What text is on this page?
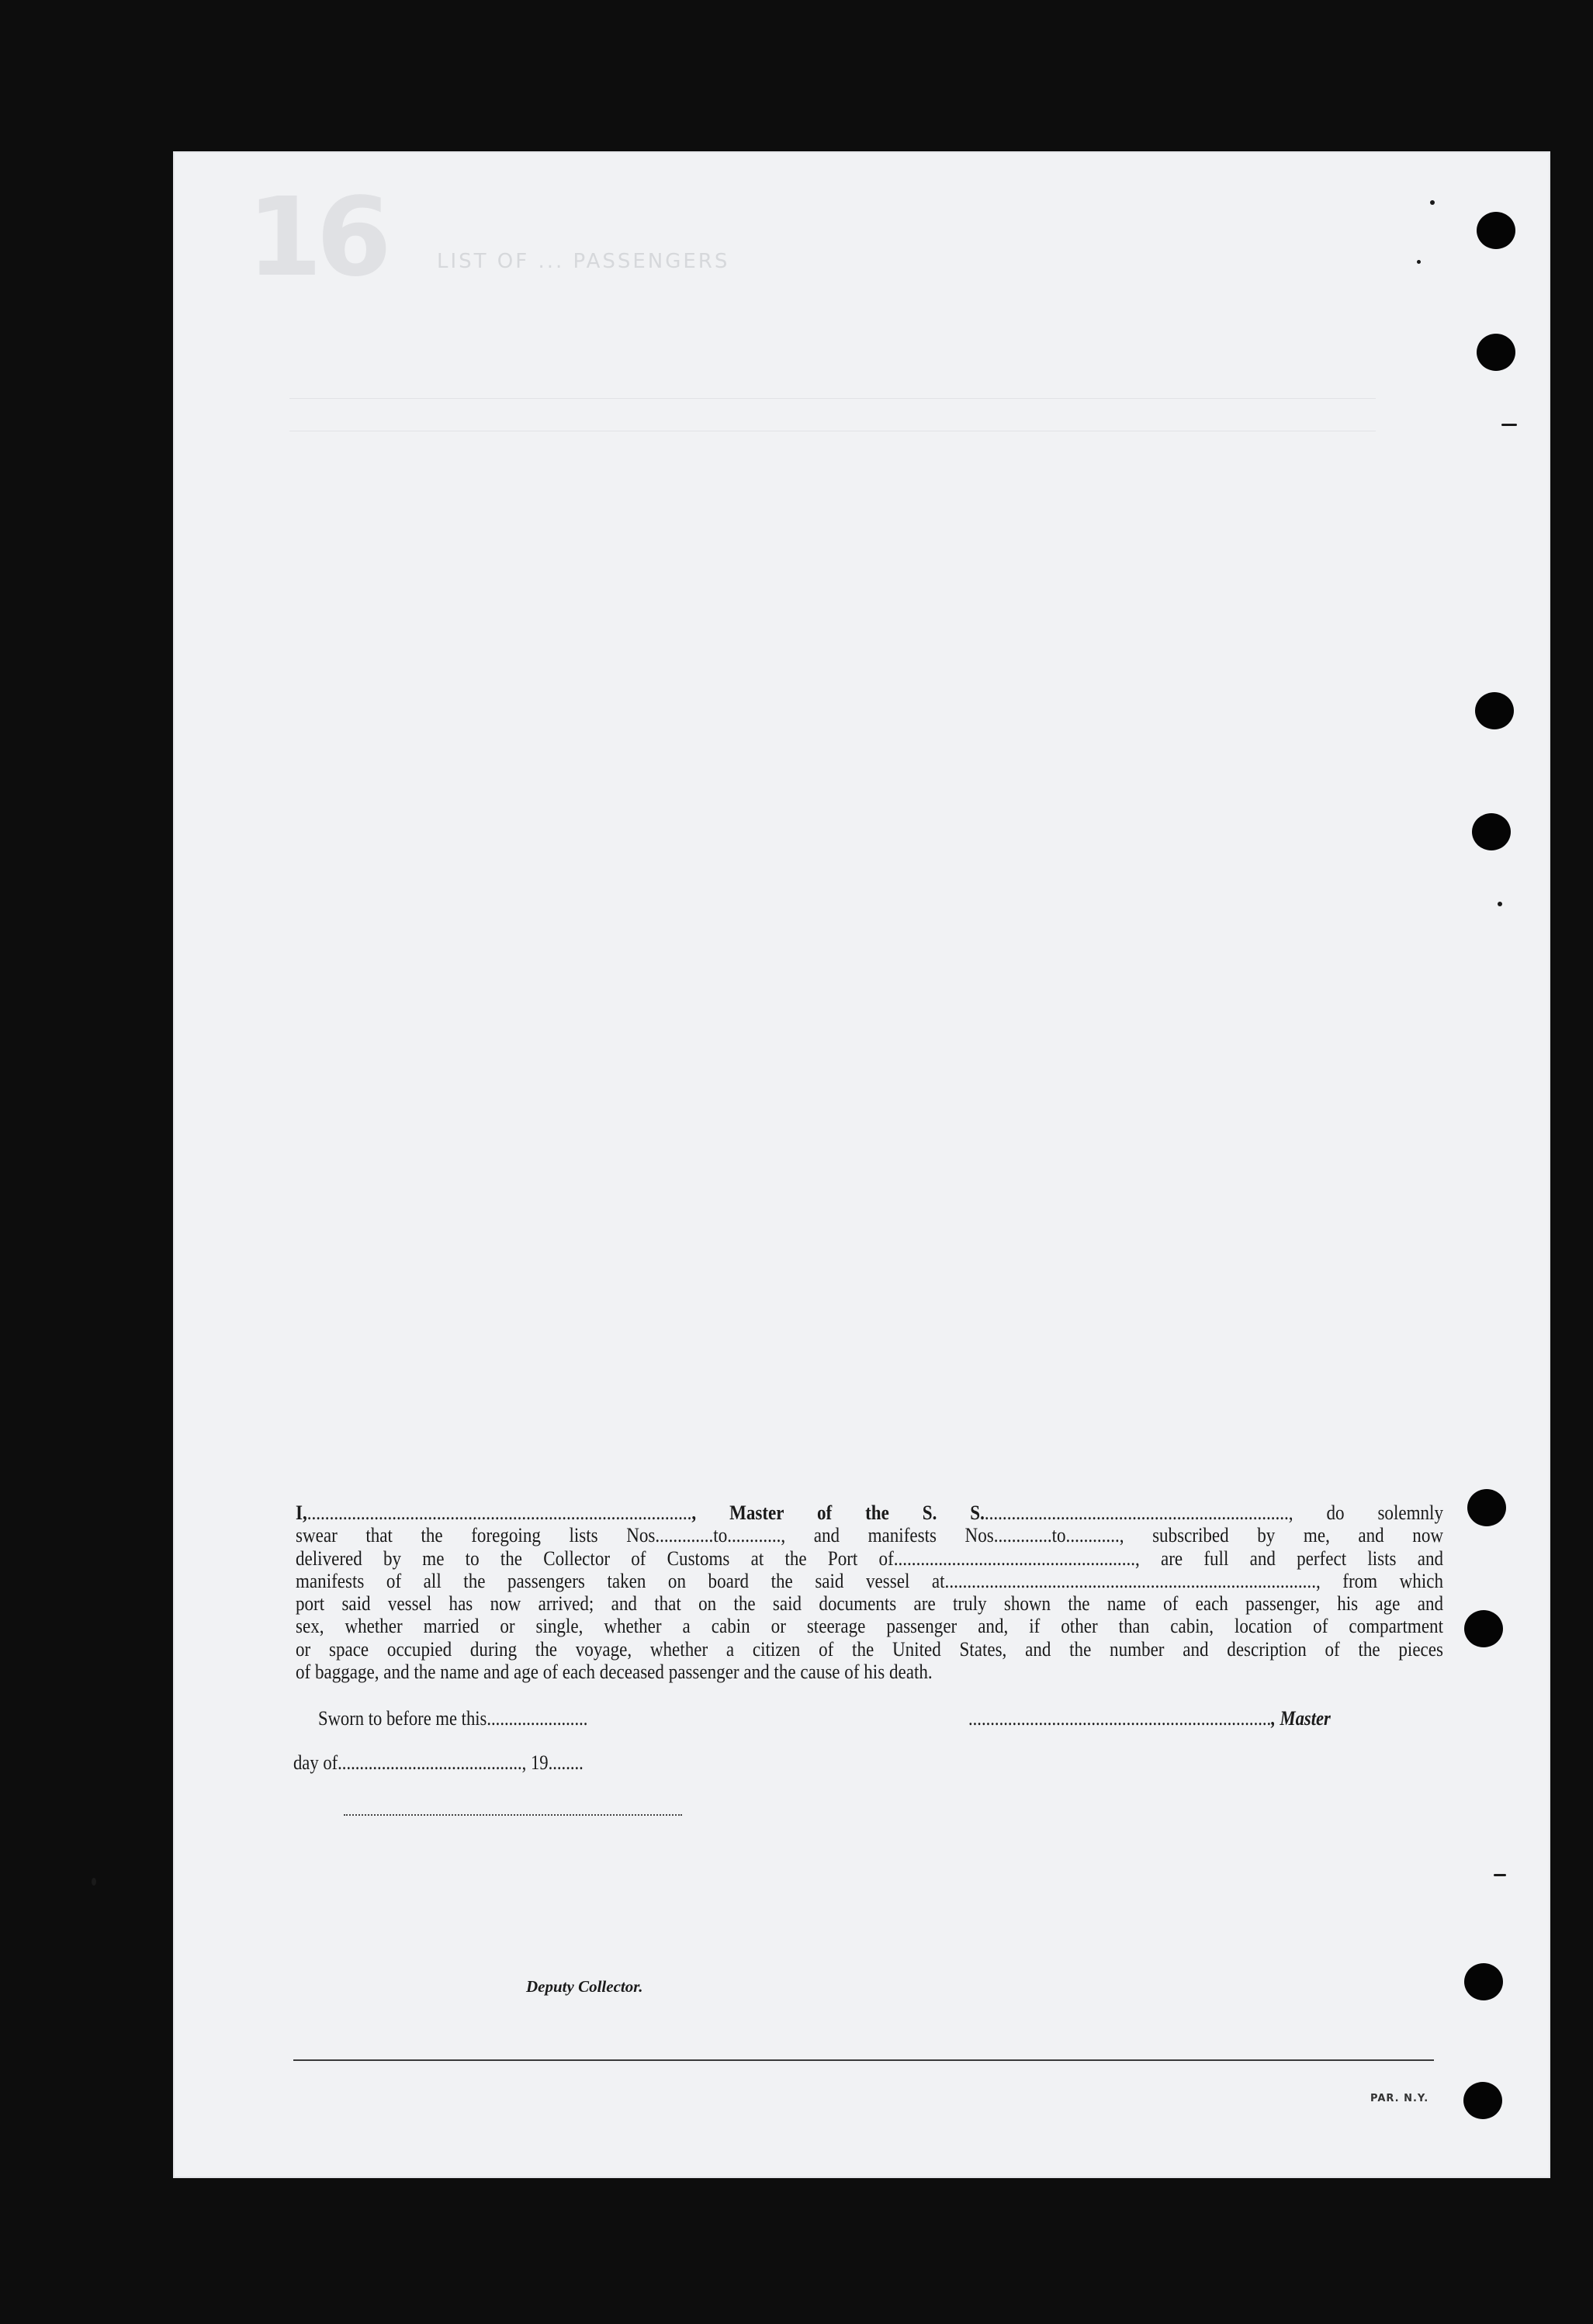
16	LIST OF ... PASSENGERS

I,......................................................................................, Master of the S. S....................................................................., do solemnly

swear that the foregoing lists Nos.............to............, and manifests Nos.............to............, subscribed by me, and now

delivered by me to the Collector of Customs at the Port of......................................................, are full and perfect lists and

manifests of all the passengers taken on board the said vessel at..................................................................................., from which

port said vessel has now arrived; and that on the said documents are truly shown the name of each passenger, his age and

sex, whether married or single, whether a cabin or steerage passenger and, if other than cabin, location of compartment

or space occupied during the voyage, whether a citizen of the United States, and the number and description of the pieces

of baggage, and the name and age of each deceased passenger and the cause of his death.

Sworn to before me this.......................	....................................................................., Master
day of.........................................., 19........
Deputy Collector.
PAR. N.Y.
